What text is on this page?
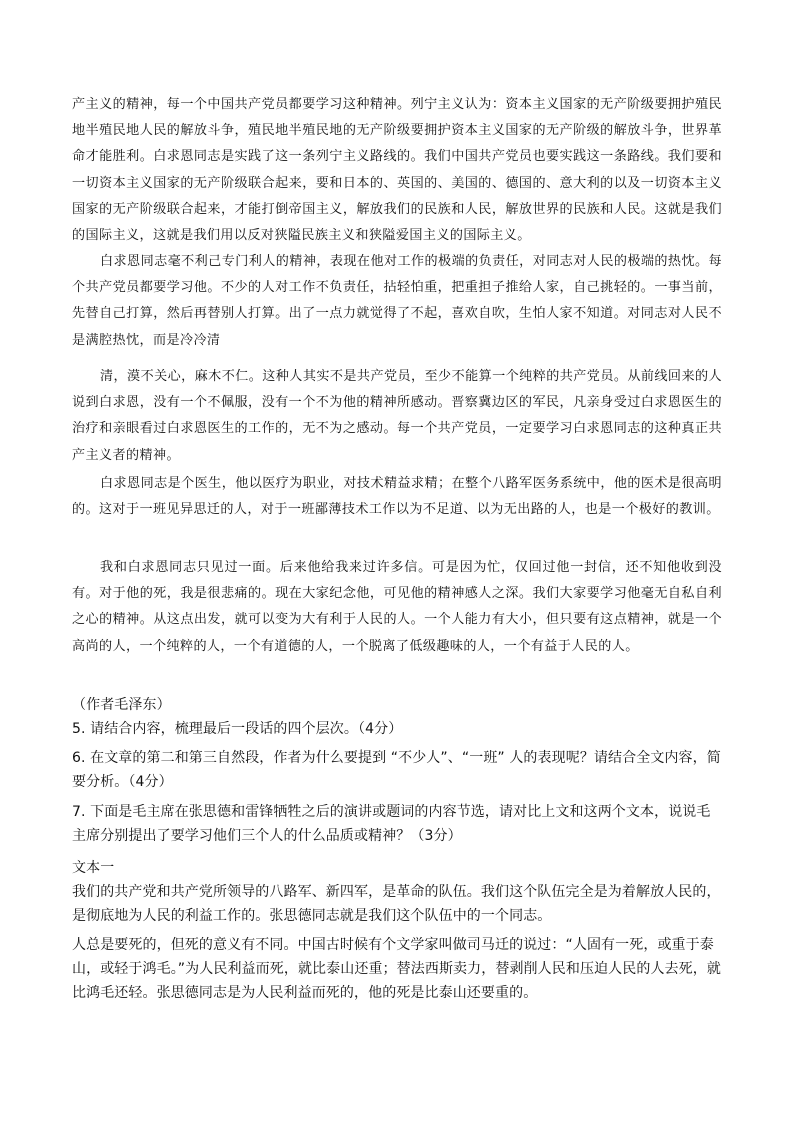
产主义的精神，每一个中国共产党员都要学习这种精神。列宁主义认为：资本主义国家的无产阶级要拥护殖民地半殖民地人民的解放斗争，殖民地半殖民地的无产阶级要拥护资本主义国家的无产阶级的解放斗争，世界革命才能胜利。白求恩同志是实践了这一条列宁主义路线的。我们中国共产党员也要实践这一条路线。我们要和一切资本主义国家的无产阶级联合起来，要和日本的、英国的、美国的、德国的、意大利的以及一切资本主义国家的无产阶级联合起来，才能打倒帝国主义，解放我们的民族和人民，解放世界的民族和人民。这就是我们的国际主义，这就是我们用以反对狭隘民族主义和狭隘爱国主义的国际主义。

白求恩同志毫不利己专门利人的精神，表现在他对工作的极端的负责任，对同志对人民的极端的热忱。每个共产党员都要学习他。不少的人对工作不负责任，拈轻怕重，把重担子推给人家，自己挑轻的。一事当前，先替自己打算，然后再替别人打算。出了一点力就觉得了不起，喜欢自吹，生怕人家不知道。对同志对人民不是满腔热忱，而是冷冷清

清，漠不关心，麻木不仁。这种人其实不是共产党员，至少不能算一个纯粹的共产党员。从前线回来的人说到白求恩，没有一个不佩服，没有一个不为他的精神所感动。晋察冀边区的军民，凡亲身受过白求恩医生的治疗和亲眼看过白求恩医生的工作的，无不为之感动。每一个共产党员，一定要学习白求恩同志的这种真正共产主义者的精神。

白求恩同志是个医生，他以医疗为职业，对技术精益求精；在整个八路军医务系统中，他的医术是很高明的。这对于一班见异思迁的人，对于一班鄙薄技术工作以为不足道、以为无出路的人，也是一个极好的教训。

我和白求恩同志只见过一面。后来他给我来过许多信。可是因为忙，仅回过他一封信，还不知他收到没有。对于他的死，我是很悲痛的。现在大家纪念他，可见他的精神感人之深。我们大家要学习他毫无自私自利之心的精神。从这点出发，就可以变为大有利于人民的人。一个人能力有大小，但只要有这点精神，就是一个高尚的人，一个纯粹的人，一个有道德的人，一个脱离了低级趣味的人，一个有益于人民的人。

（作者毛泽东）

5. 请结合内容，梳理最后一段话的四个层次。（4分）

6. 在文章的第二和第三自然段，作者为什么要提到 “不少人”、“一班” 人的表现呢？请结合全文内容，简要分析。（4分）

7. 下面是毛主席在张思德和雷锋牺牲之后的演讲或题词的内容节选，请对比上文和这两个文本，说说毛主席分别提出了要学习他们三个人的什么品质或精神？（3分）

文本一

我们的共产党和共产党所领导的八路军、新四军，是革命的队伍。我们这个队伍完全是为着解放人民的，是彻底地为人民的利益工作的。张思德同志就是我们这个队伍中的一个同志。

人总是要死的，但死的意义有不同。中国古时候有个文学家叫做司马迁的说过：“人固有一死，或重于泰山，或轻于鸿毛。”为人民利益而死，就比泰山还重；替法西斯卖力，替剥削人民和压迫人民的人去死，就比鸿毛还轻。张思德同志是为人民利益而死的，他的死是比泰山还要重的。
